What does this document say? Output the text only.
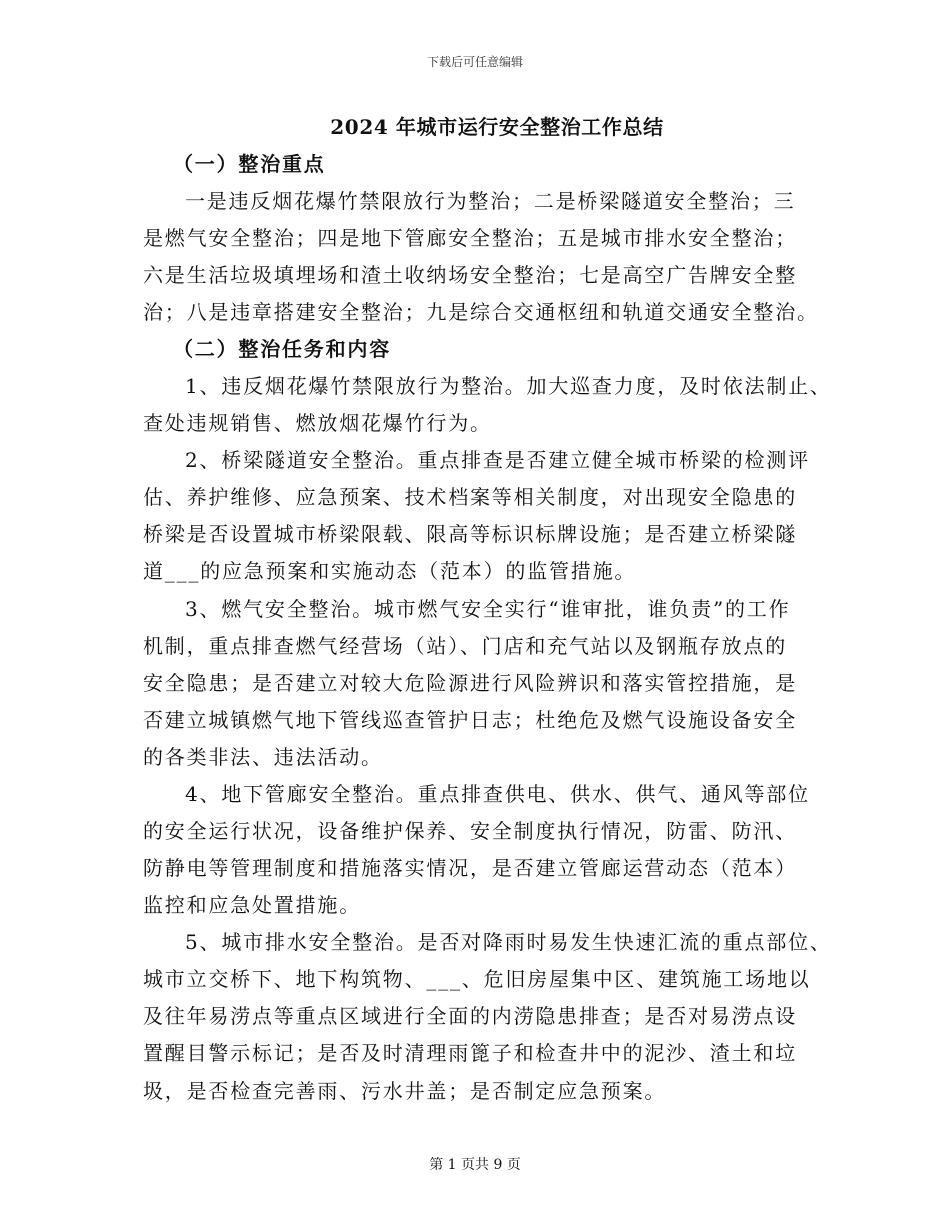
下载后可任意编辑
2024 年城市运行安全整治工作总结
（一）整治重点
一是违反烟花爆竹禁限放行为整治；二是桥梁隧道安全整治；三
是燃气安全整治；四是地下管廊安全整治；五是城市排水安全整治；
六是生活垃圾填埋场和渣土收纳场安全整治；七是高空广告牌安全整
治；八是违章搭建安全整治；九是综合交通枢纽和轨道交通安全整治。
（二）整治任务和内容
1、违反烟花爆竹禁限放行为整治。加大巡查力度，及时依法制止、
查处违规销售、燃放烟花爆竹行为。
2、桥梁隧道安全整治。重点排查是否建立健全城市桥梁的检测评
估、养护维修、应急预案、技术档案等相关制度，对出现安全隐患的
桥梁是否设置城市桥梁限载、限高等标识标牌设施；是否建立桥梁隧
道___的应急预案和实施动态（范本）的监管措施。
3、燃气安全整治。城市燃气安全实行“谁审批，谁负责”的工作
机制，重点排查燃气经营场（站）、门店和充气站以及钢瓶存放点的
安全隐患；是否建立对较大危险源进行风险辨识和落实管控措施，是
否建立城镇燃气地下管线巡查管护日志；杜绝危及燃气设施设备安全
的各类非法、违法活动。
4、地下管廊安全整治。重点排查供电、供水、供气、通风等部位
的安全运行状况，设备维护保养、安全制度执行情况，防雷、防汛、
防静电等管理制度和措施落实情况，是否建立管廊运营动态（范本）
监控和应急处置措施。
5、城市排水安全整治。是否对降雨时易发生快速汇流的重点部位、
城市立交桥下、地下构筑物、___、危旧房屋集中区、建筑施工场地以
及往年易涝点等重点区域进行全面的内涝隐患排查；是否对易涝点设
置醒目警示标记；是否及时清理雨篦子和检查井中的泥沙、渣土和垃
圾，是否检查完善雨、污水井盖；是否制定应急预案。
第 1 页共 9 页
